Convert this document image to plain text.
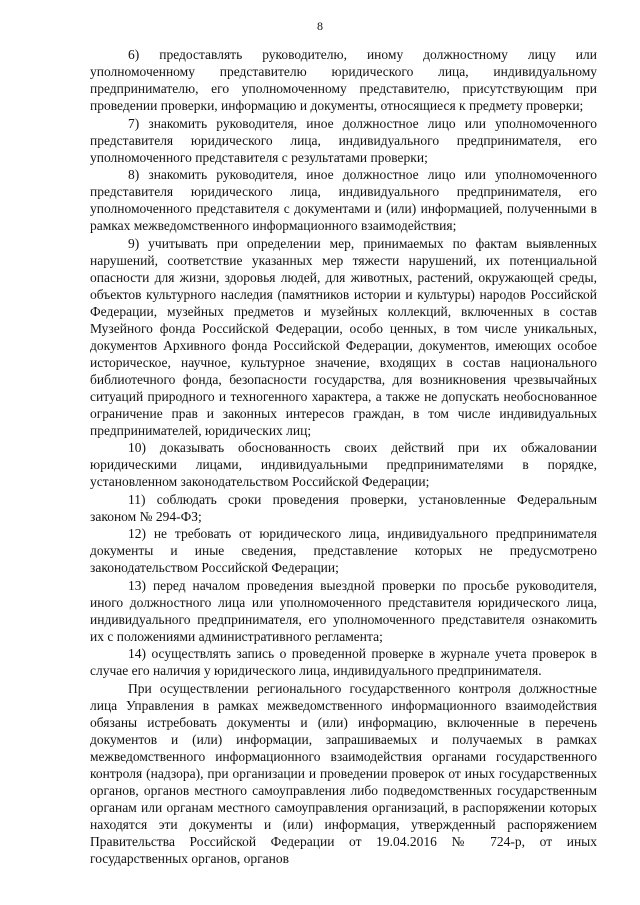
8

6) предоставлять руководителю, иному должностному лицу или уполномоченному представителю юридического лица, индивидуальному предпринимателю, его уполномоченному представителю, присутствующим при проведении проверки, информацию и документы, относящиеся к предмету проверки;

7) знакомить руководителя, иное должностное лицо или уполномоченного представителя юридического лица, индивидуального предпринимателя, его уполномоченного представителя с результатами проверки;

8) знакомить руководителя, иное должностное лицо или уполномоченного представителя юридического лица, индивидуального предпринимателя, его уполномоченного представителя с документами и (или) информацией, полученными в рамках межведомственного информационного взаимодействия;

9) учитывать при определении мер, принимаемых по фактам выявленных нарушений, соответствие указанных мер тяжести нарушений, их потенциальной опасности для жизни, здоровья людей, для животных, растений, окружающей среды, объектов культурного наследия (памятников истории и культуры) народов Российской Федерации, музейных предметов и музейных коллекций, включенных в состав Музейного фонда Российской Федерации, особо ценных, в том числе уникальных, документов Архивного фонда Российской Федерации, документов, имеющих особое историческое, научное, культурное значение, входящих в состав национального библиотечного фонда, безопасности государства, для возникновения чрезвычайных ситуаций природного и техногенного характера, а также не допускать необоснованное ограничение прав и законных интересов граждан, в том числе индивидуальных предпринимателей, юридических лиц;

10) доказывать обоснованность своих действий при их обжаловании юридическими лицами, индивидуальными предпринимателями в порядке, установленном законодательством Российской Федерации;

11) соблюдать сроки проведения проверки, установленные Федеральным законом № 294-ФЗ;

12) не требовать от юридического лица, индивидуального предпринимателя документы и иные сведения, представление которых не предусмотрено законодательством Российской Федерации;

13) перед началом проведения выездной проверки по просьбе руководителя, иного должностного лица или уполномоченного представителя юридического лица, индивидуального предпринимателя, его уполномоченного представителя ознакомить их с положениями административного регламента;

14) осуществлять запись о проведенной проверке в журнале учета проверок в случае его наличия у юридического лица, индивидуального предпринимателя.

При осуществлении регионального государственного контроля должностные лица Управления в рамках межведомственного информационного взаимодействия обязаны истребовать документы и (или) информацию, включенные в перечень документов и (или) информации, запрашиваемых и получаемых в рамках межведомственного информационного взаимодействия органами государственного контроля (надзора), при организации и проведении проверок от иных государственных органов, органов местного самоуправления либо подведомственных государственным органам или органам местного самоуправления организаций, в распоряжении которых находятся эти документы и (или) информация, утвержденный распоряжением Правительства Российской Федерации от 19.04.2016 № 724-р, от иных государственных органов, органов
